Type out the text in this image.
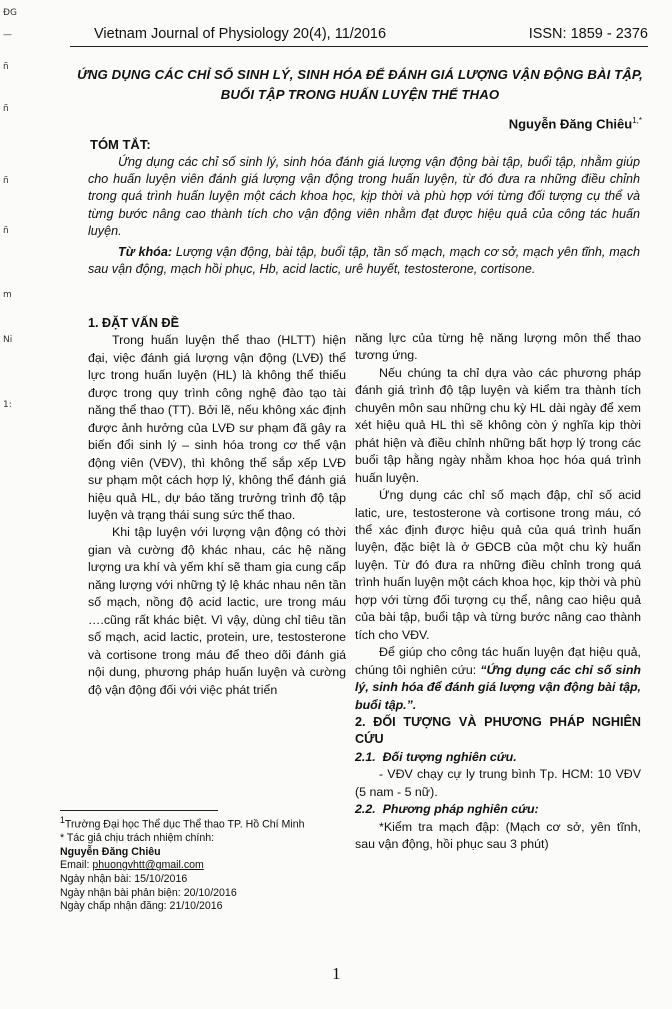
ĐG
—
ñ
ñ
ñ
ñ
m
Ni
1:
Vietnam Journal of Physiology 20(4), 11/2016	ISSN: 1859 - 2376
ỨNG DỤNG CÁC CHỈ SỐ SINH LÝ, SINH HÓA ĐỂ ĐÁNH GIÁ LƯỢNG VẬN ĐỘNG BÀI TẬP, BUỔI TẬP TRONG HUẤN LUYỆN THỂ THAO
Nguyễn Đăng Chiêu$^{1,*}$
TÓM TẮT:
Ứng dụng các chỉ số sinh lý, sinh hóa đánh giá lượng vận động bài tập, buổi tập, nhằm giúp cho huấn luyện viên đánh giá lượng vận động trong huấn luyện, từ đó đưa ra những điều chỉnh trong quá trình huấn luyện một cách khoa học, kịp thời và phù hợp với từng đối tượng cụ thể và từng bước nâng cao thành tích cho vận động viên nhằm đạt được hiệu quả của công tác huấn luyện.
Từ khóa: Lượng vận động, bài tập, buổi tập, tần số mạch, mạch cơ sở, mạch yên tĩnh, mạch sau vận động, mạch hồi phục, Hb, acid lactic, urê huyết, testosterone, cortisone.
1. ĐẶT VẤN ĐỀ

Trong huấn luyện thể thao (HLTT) hiện đại, việc đánh giá lượng vận động (LVĐ) thể lực trong huấn luyện (HL) là không thể thiếu được trong quy trình công nghệ đào tạo tài năng thể thao (TT). Bởi lẽ, nếu không xác định được ảnh hưởng của LVĐ sư phạm đã gây ra biến đổi sinh lý – sinh hóa trong cơ thể vận động viên (VĐV), thì không thể sắp xếp LVĐ sư phạm một cách hợp lý, không thể đánh giá hiệu quả HL, dự báo tăng trưởng trình độ tập luyện và trạng thái sung sức thể thao.

Khi tập luyện với lượng vận động có thời gian và cường độ khác nhau, các hệ năng lượng ưa khí và yếm khí sẽ tham gia cung cấp năng lượng với những tỷ lệ khác nhau nên tần số mạch, nồng độ acid lactic, ure trong máu ….cũng rất khác biệt. Vì vậy, dùng chỉ tiêu tần số mạch, acid lactic, protein, ure, testosterone và cortisone trong máu để theo dõi đánh giá nội dung, phương pháp huấn luyện và cường độ vận động đối với việc phát triển

năng lực của từng hệ năng lượng môn thể thao tương ứng.

Nếu chúng ta chỉ dựa vào các phương pháp đánh giá trình độ tập luyện và kiểm tra thành tích chuyên môn sau những chu kỳ HL dài ngày để xem xét hiệu quả HL thì sẽ không còn ý nghĩa kịp thời phát hiện và điều chỉnh những bất hợp lý trong các buổi tập hằng ngày nhằm khoa học hóa quá trình huấn luyện.

Ứng dụng các chỉ số mạch đập, chỉ số acid latic, ure, testosterone và cortisone trong máu, có thể xác định được hiệu quả của quá trình huấn luyện, đặc biệt là ở GĐCB của một chu kỳ huấn luyện. Từ đó đưa ra những điều chỉnh trong quá trình huấn luyện một cách khoa học, kịp thời và phù hợp với từng đối tượng cụ thể, nâng cao hiệu quả của bài tập, buổi tập và từng bước nâng cao thành tích cho VĐV.

Để giúp cho công tác huấn luyện đạt hiệu quả, chúng tôi nghiên cứu: “Ứng dụng các chỉ số sinh lý, sinh hóa để đánh giá lượng vận động bài tập, buổi tập.”.

2. ĐỐI TƯỢNG VÀ PHƯƠNG PHÁP NGHIÊN CỨU
2.1. Đối tượng nghiên cứu.

- VĐV chạy cự ly trung bình Tp. HCM: 10 VĐV (5 nam - 5 nữ).

2.2. Phương pháp nghiên cứu:

*Kiểm tra mạch đập: (Mạch cơ sở, yên tĩnh, sau vận động, hồi phục sau 3 phút)

$^1$Trường Đại học Thể dục Thể thao TP. Hồ Chí Minh
* Tác giả chịu trách nhiệm chính:
Nguyễn Đăng Chiêu
Email: phuongvhtt@gmail.com
Ngày nhận bài: 15/10/2016
Ngày nhận bài phản biện: 20/10/2016
Ngày chấp nhận đăng: 21/10/2016
1
